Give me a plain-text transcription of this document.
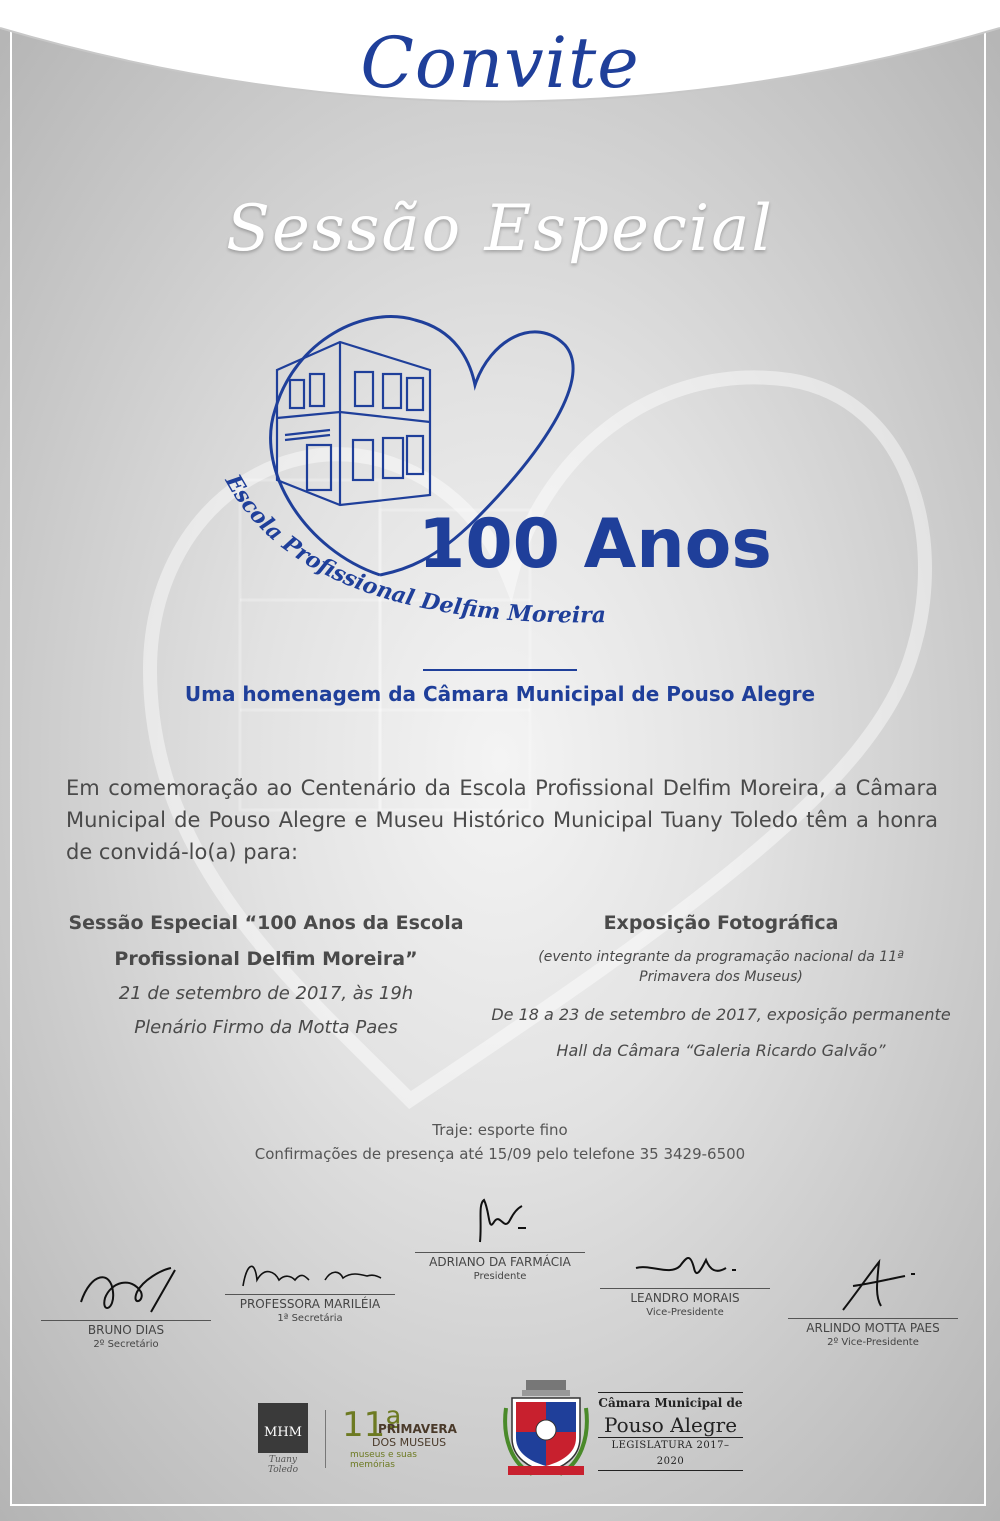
Convite
Sessão Especial
Escola Profissional Delfim Moreira
100 Anos
Uma homenagem da Câmara Municipal de Pouso Alegre
Em comemoração ao Centenário da Escola Profissional Delfim Moreira, a Câmara Municipal de Pouso Alegre e Museu Histórico Municipal Tuany Toledo têm a honra de convidá-lo(a) para:
Sessão Especial “100 Anos da Escola
Profissional Delfim Moreira”
21 de setembro de 2017, às 19h
Plenário Firmo da Motta Paes
Exposição Fotográfica
(evento integrante da programação nacional da 11ª
Primavera dos Museus)
De 18 a 23 de setembro de 2017, exposição permanente
Hall da Câmara “Galeria Ricardo Galvão”
Traje: esporte fino
Confirmações de presença até 15/09 pelo telefone 35 3429-6500
BRUNO DIAS
2º Secretário
PROFESSORA MARILÉIA
1ª Secretária
ADRIANO DA FARMÁCIA
Presidente
LEANDRO MORAIS
Vice-Presidente
ARLINDO MOTTA PAES
2º Vice-Presidente
MHM
Tuany Toledo
11ª
PRIMAVERA
DOS MUSEUS
museus e suas memórias
Câmara Municipal de
Pouso Alegre
LEGISLATURA 2017–2020
